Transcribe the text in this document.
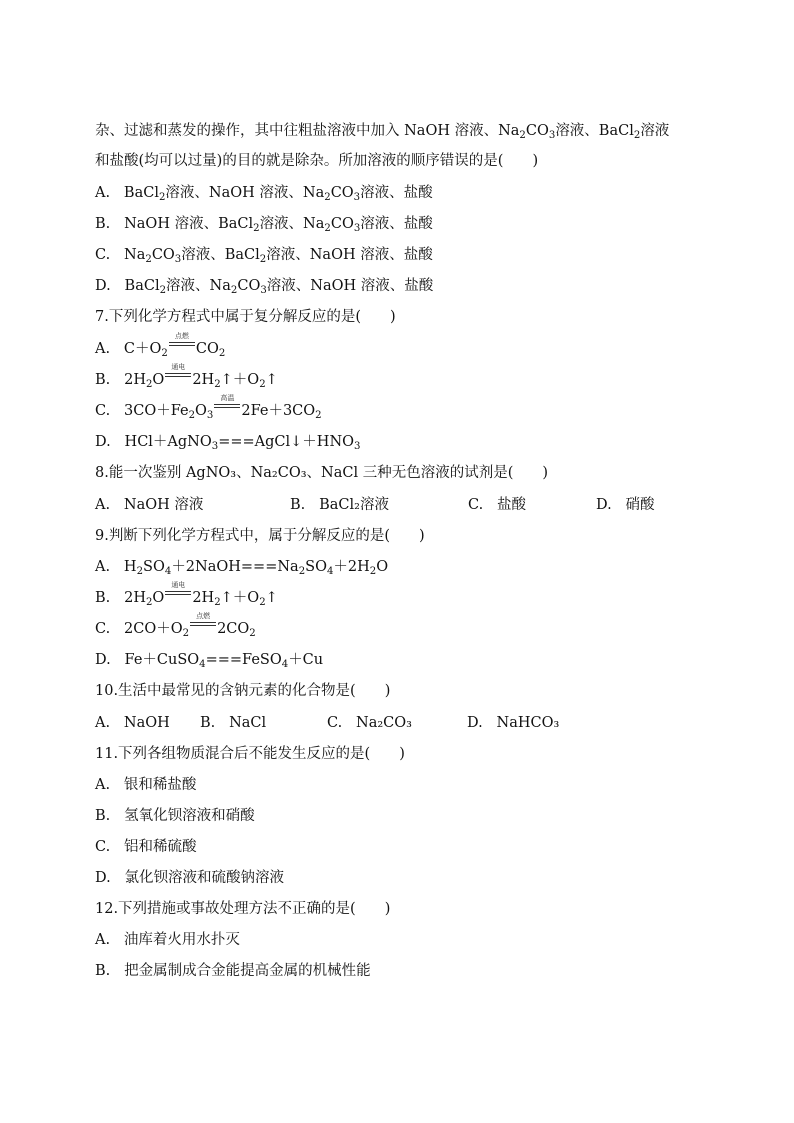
杂、过滤和蒸发的操作，其中往粗盐溶液中加入 NaOH 溶液、$Na_2CO_3$溶液、BaCl$_2$溶液
和盐酸(均可以过量)的目的就是除杂。所加溶液的顺序错误的是(　　)
A. BaCl$_2$溶液、NaOH 溶液、$Na_2CO_3$溶液、盐酸
B. NaOH 溶液、BaCl$_2$溶液、$Na_2CO_3$溶液、盐酸
C. $Na_2CO_3$溶液、BaCl$_2$溶液、NaOH 溶液、盐酸
D. BaCl$_2$溶液、$Na_2CO_3$溶液、NaOH 溶液、盐酸
7.下列化学方程式中属于复分解反应的是(　　)
A. $C+O_2$
点燃
$CO_2$
B. $2H_2O$
通电
$2H_2↑+O_2↑$
C. $3CO+Fe_2O_3$
高温
$2Fe+3CO_2$
D. $HCl+AgNO_3===AgCl↓+HNO_3$
8.能一次鉴别 AgNO₃、Na₂CO₃、NaCl 三种无色溶液的试剂是(　　)
A. NaOH 溶液	B. BaCl₂溶液	C. 盐酸	D. 硝酸
9.判断下列化学方程式中，属于分解反应的是(　　)
A. $H_2SO_4+2NaOH===Na_2SO_4+2H_2O$
B. $2H_2O$
通电
$2H_2↑+O_2↑$
C. $2CO+O_2$
点燃
$2CO_2$
D. Fe＋CuSO$_4$===FeSO$_4$＋Cu
10.生活中最常见的含钠元素的化合物是(　　)
A. NaOH B. NaCl	C. Na₂CO₃	D. NaHCO₃
11.下列各组物质混合后不能发生反应的是(　　)
A. 银和稀盐酸
B. 氢氧化钡溶液和硝酸
C. 铝和稀硫酸
D. 氯化钡溶液和硫酸钠溶液
12.下列措施或事故处理方法不正确的是(　　)
A. 油库着火用水扑灭
B. 把金属制成合金能提高金属的机械性能
